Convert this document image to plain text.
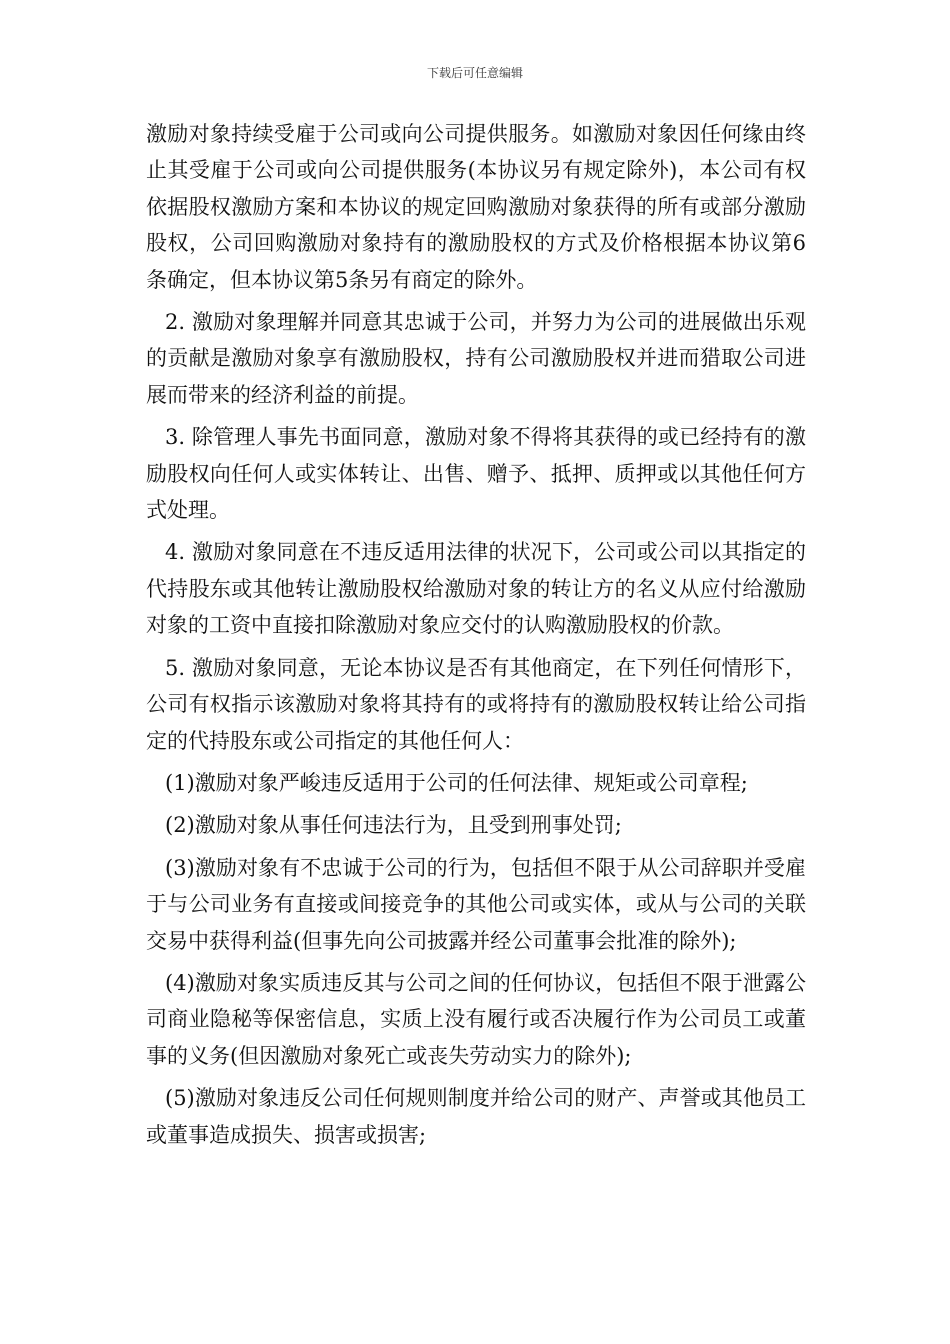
下载后可任意编辑

激励对象持续受雇于公司或向公司提供服务。如激励对象因任何缘由终止其受雇于公司或向公司提供服务(本协议另有规定除外)，本公司有权依据股权激励方案和本协议的规定回购激励对象获得的所有或部分激励股权，公司回购激励对象持有的激励股权的方式及价格根据本协议第6条确定，但本协议第5条另有商定的除外。

2. 激励对象理解并同意其忠诚于公司，并努力为公司的进展做出乐观的贡献是激励对象享有激励股权，持有公司激励股权并进而猎取公司进展而带来的经济利益的前提。

3. 除管理人事先书面同意，激励对象不得将其获得的或已经持有的激励股权向任何人或实体转让、出售、赠予、抵押、质押或以其他任何方式处理。

4. 激励对象同意在不违反适用法律的状况下，公司或公司以其指定的代持股东或其他转让激励股权给激励对象的转让方的名义从应付给激励对象的工资中直接扣除激励对象应交付的认购激励股权的价款。

5. 激励对象同意，无论本协议是否有其他商定，在下列任何情形下，公司有权指示该激励对象将其持有的或将持有的激励股权转让给公司指定的代持股东或公司指定的其他任何人：

(1)激励对象严峻违反适用于公司的任何法律、规矩或公司章程;

(2)激励对象从事任何违法行为，且受到刑事处罚;

(3)激励对象有不忠诚于公司的行为，包括但不限于从公司辞职并受雇于与公司业务有直接或间接竞争的其他公司或实体，或从与公司的关联交易中获得利益(但事先向公司披露并经公司董事会批准的除外);

(4)激励对象实质违反其与公司之间的任何协议，包括但不限于泄露公司商业隐秘等保密信息，实质上没有履行或否决履行作为公司员工或董事的义务(但因激励对象死亡或丧失劳动实力的除外);

(5)激励对象违反公司任何规则制度并给公司的财产、声誉或其他员工或董事造成损失、损害或损害;
